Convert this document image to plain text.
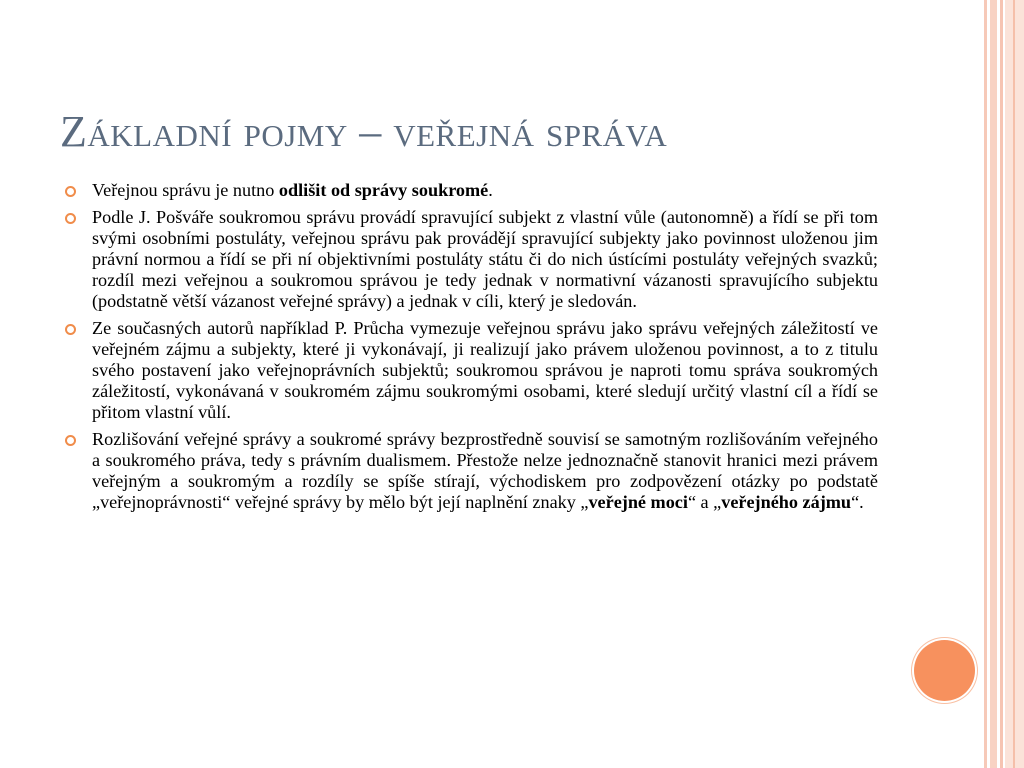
Základní pojmy – veřejná správa
Veřejnou správu je nutno odlišit od správy soukromé.
Podle J. Pošváře soukromou správu provádí spravující subjekt z vlastní vůle (autonomně) a řídí se při tom svými osobními postuláty, veřejnou správu pak provádějí spravující subjekty jako povinnost uloženou jim právní normou a řídí se při ní objektivními postuláty státu či do nich ústícími postuláty veřejných svazků; rozdíl mezi veřejnou a soukromou správou je tedy jednak v normativní vázanosti spravujícího subjektu (podstatně větší vázanost veřejné správy) a jednak v cíli, který je sledován.
Ze současných autorů například P. Průcha vymezuje veřejnou správu jako správu veřejných záležitostí ve veřejném zájmu a subjekty, které ji vykonávají, ji realizují jako právem uloženou povinnost, a to z titulu svého postavení jako veřejnoprávních subjektů; soukromou správou je naproti tomu správa soukromých záležitostí, vykonávaná v soukromém zájmu soukromými osobami, které sledují určitý vlastní cíl a řídí se přitom vlastní vůlí.
Rozlišování veřejné správy a soukromé správy bezprostředně souvisí se samotným rozlišováním veřejného a soukromého práva, tedy s právním dualismem. Přestože nelze jednoznačně stanovit hranici mezi právem veřejným a soukromým a rozdíly se spíše stírají, východiskem pro zodpovězení otázky po podstatě „veřejnoprávnosti“ veřejné správy by mělo být její naplnění znaky „veřejné moci“ a „veřejného zájmu“.
